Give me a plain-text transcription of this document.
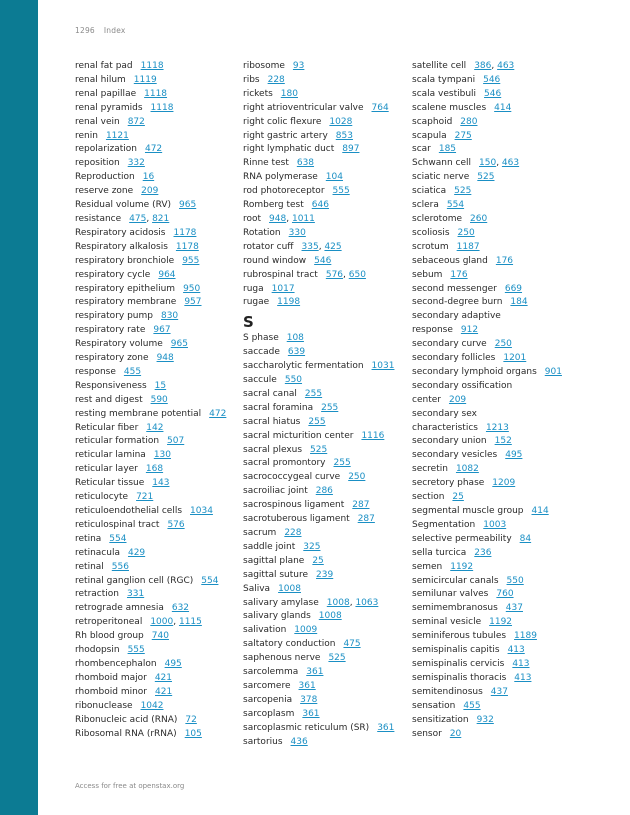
1296 Index
renal fat pad 1118
renal hilum 1119
renal papillae 1118
renal pyramids 1118
renal vein 872
renin 1121
repolarization 472
reposition 332
Reproduction 16
reserve zone 209
Residual volume (RV) 965
resistance 475, 821
Respiratory acidosis 1178
Respiratory alkalosis 1178
respiratory bronchiole 955
respiratory cycle 964
respiratory epithelium 950
respiratory membrane 957
respiratory pump 830
respiratory rate 967
Respiratory volume 965
respiratory zone 948
response 455
Responsiveness 15
rest and digest 590
resting membrane potential 472
Reticular fiber 142
reticular formation 507
reticular lamina 130
reticular layer 168
Reticular tissue 143
reticulocyte 721
reticuloendothelial cells 1034
reticulospinal tract 576
retina 554
retinacula 429
retinal 556
retinal ganglion cell (RGC) 554
retraction 331
retrograde amnesia 632
retroperitoneal 1000, 1115
Rh blood group 740
rhodopsin 555
rhombencephalon 495
rhomboid major 421
rhomboid minor 421
ribonuclease 1042
Ribonucleic acid (RNA) 72
Ribosomal RNA (rRNA) 105
ribosome 93
ribs 228
rickets 180
right atrioventricular valve 764
right colic flexure 1028
right gastric artery 853
right lymphatic duct 897
Rinne test 638
RNA polymerase 104
rod photoreceptor 555
Romberg test 646
root 948, 1011
Rotation 330
rotator cuff 335, 425
round window 546
rubrospinal tract 576, 650
ruga 1017
rugae 1198
S
S phase 108
saccade 639
saccharolytic fermentation 1031
saccule 550
sacral canal 255
sacral foramina 255
sacral hiatus 255
sacral micturition center 1116
sacral plexus 525
sacral promontory 255
sacrococcygeal curve 250
sacroiliac joint 286
sacrospinous ligament 287
sacrotuberous ligament 287
sacrum 228
saddle joint 325
sagittal plane 25
sagittal suture 239
Saliva 1008
salivary amylase 1008, 1063
salivary glands 1008
salivation 1009
saltatory conduction 475
saphenous nerve 525
sarcolemma 361
sarcomere 361
sarcopenia 378
sarcoplasm 361
sarcoplasmic reticulum (SR) 361
sartorius 436
satellite cell 386, 463
scala tympani 546
scala vestibuli 546
scalene muscles 414
scaphoid 280
scapula 275
scar 185
Schwann cell 150, 463
sciatic nerve 525
sciatica 525
sclera 554
sclerotome 260
scoliosis 250
scrotum 1187
sebaceous gland 176
sebum 176
second messenger 669
second-degree burn 184
secondary adaptive response 912
secondary curve 250
secondary follicles 1201
secondary lymphoid organs 901
secondary ossification center 209
secondary sex characteristics 1213
secondary union 152
secondary vesicles 495
secretin 1082
secretory phase 1209
section 25
segmental muscle group 414
Segmentation 1003
selective permeability 84
sella turcica 236
semen 1192
semicircular canals 550
semilunar valves 760
semimembranosus 437
seminal vesicle 1192
seminiferous tubules 1189
semispinalis capitis 413
semispinalis cervicis 413
semispinalis thoracis 413
semitendinosus 437
sensation 455
sensitization 932
sensor 20
Access for free at openstax.org
